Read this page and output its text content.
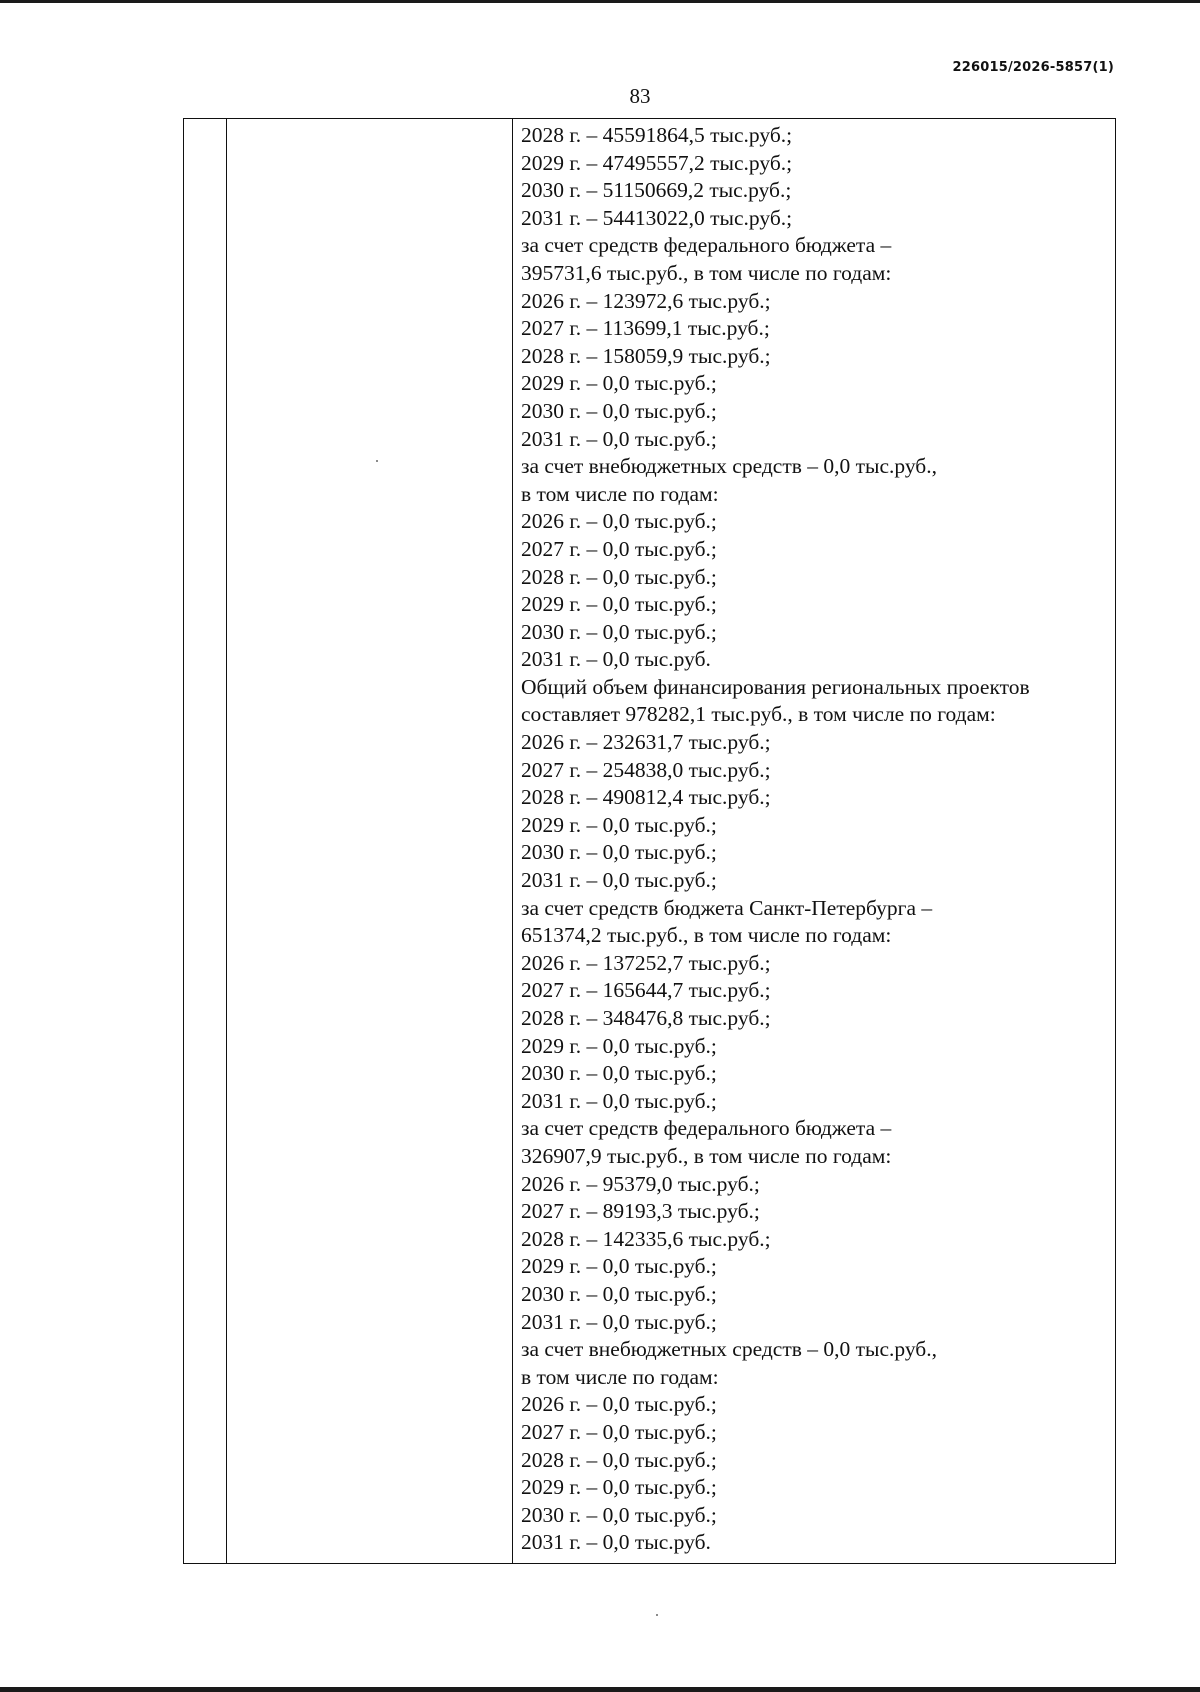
226015/2026-5857(1)
83
2028 г. – 45591864,5 тыс.руб.;
2029 г. – 47495557,2 тыс.руб.;
2030 г. – 51150669,2 тыс.руб.;
2031 г. – 54413022,0 тыс.руб.;
за счет средств федерального бюджета –
395731,6 тыс.руб., в том числе по годам:
2026 г. – 123972,6 тыс.руб.;
2027 г. – 113699,1 тыс.руб.;
2028 г. – 158059,9 тыс.руб.;
2029 г. – 0,0 тыс.руб.;
2030 г. – 0,0 тыс.руб.;
2031 г. – 0,0 тыс.руб.;
за счет внебюджетных средств – 0,0 тыс.руб.,
в том числе по годам:
2026 г. – 0,0 тыс.руб.;
2027 г. – 0,0 тыс.руб.;
2028 г. – 0,0 тыс.руб.;
2029 г. – 0,0 тыс.руб.;
2030 г. – 0,0 тыс.руб.;
2031 г. – 0,0 тыс.руб.
Общий объем финансирования региональных проектов
составляет 978282,1 тыс.руб., в том числе по годам:
2026 г. – 232631,7 тыс.руб.;
2027 г. – 254838,0 тыс.руб.;
2028 г. – 490812,4 тыс.руб.;
2029 г. – 0,0 тыс.руб.;
2030 г. – 0,0 тыс.руб.;
2031 г. – 0,0 тыс.руб.;
за счет средств бюджета Санкт-Петербурга –
651374,2 тыс.руб., в том числе по годам:
2026 г. – 137252,7 тыс.руб.;
2027 г. – 165644,7 тыс.руб.;
2028 г. – 348476,8 тыс.руб.;
2029 г. – 0,0 тыс.руб.;
2030 г. – 0,0 тыс.руб.;
2031 г. – 0,0 тыс.руб.;
за счет средств федерального бюджета –
326907,9 тыс.руб., в том числе по годам:
2026 г. – 95379,0 тыс.руб.;
2027 г. – 89193,3 тыс.руб.;
2028 г. – 142335,6 тыс.руб.;
2029 г. – 0,0 тыс.руб.;
2030 г. – 0,0 тыс.руб.;
2031 г. – 0,0 тыс.руб.;
за счет внебюджетных средств – 0,0 тыс.руб.,
в том числе по годам:
2026 г. – 0,0 тыс.руб.;
2027 г. – 0,0 тыс.руб.;
2028 г. – 0,0 тыс.руб.;
2029 г. – 0,0 тыс.руб.;
2030 г. – 0,0 тыс.руб.;
2031 г. – 0,0 тыс.руб.
